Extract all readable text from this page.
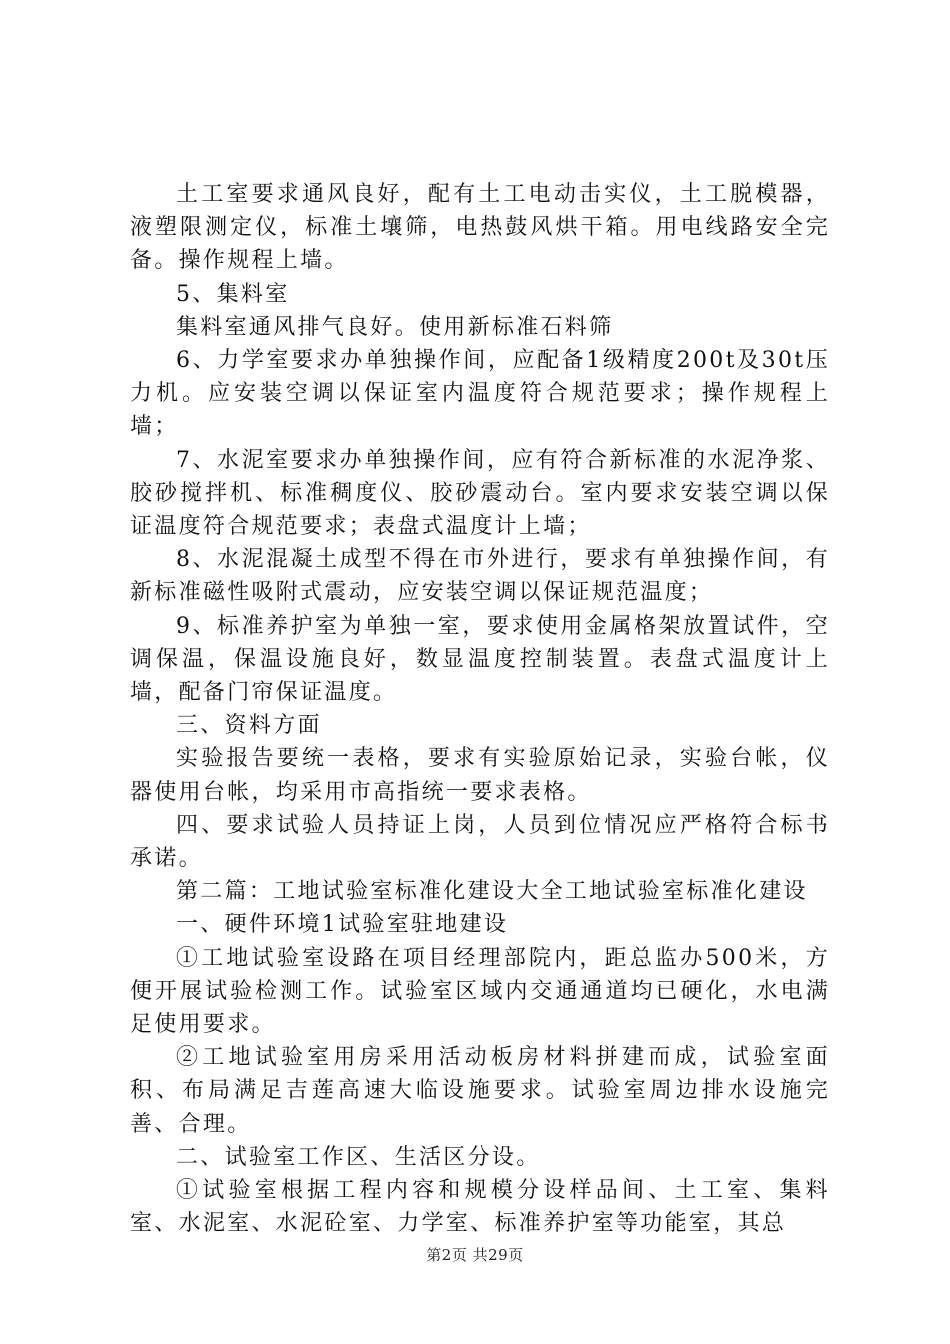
土工室要求通风良好，配有土工电动击实仪，土工脱模器，液塑限测定仪，标准土壤筛，电热鼓风烘干箱。用电线路安全完备。操作规程上墙。

5、集料室

集料室通风排气良好。使用新标准石料筛

6、力学室要求办单独操作间，应配备1级精度200t及30t压力机。应安装空调以保证室内温度符合规范要求；操作规程上墙；

7、水泥室要求办单独操作间，应有符合新标准的水泥净浆、胶砂搅拌机、标准稠度仪、胶砂震动台。室内要求安装空调以保证温度符合规范要求；表盘式温度计上墙；

8、水泥混凝土成型不得在市外进行，要求有单独操作间，有新标准磁性吸附式震动，应安装空调以保证规范温度；

9、标准养护室为单独一室，要求使用金属格架放置试件，空调保温，保温设施良好，数显温度控制装置。表盘式温度计上墙，配备门帘保证温度。

三、资料方面

实验报告要统一表格，要求有实验原始记录，实验台帐，仪器使用台帐，均采用市高指统一要求表格。

四、要求试验人员持证上岗，人员到位情况应严格符合标书承诺。

第二篇：工地试验室标准化建设大全工地试验室标准化建设

一、硬件环境1试验室驻地建设

①工地试验室设路在项目经理部院内，距总监办500米，方便开展试验检测工作。试验室区域内交通通道均已硬化，水电满足使用要求。

②工地试验室用房采用活动板房材料拼建而成，试验室面积、布局满足吉莲高速大临设施要求。试验室周边排水设施完善、合理。

二、试验室工作区、生活区分设。

①试验室根据工程内容和规模分设样品间、土工室、集料室、水泥室、水泥砼室、力学室、标准养护室等功能室，其总

第2页 共29页
